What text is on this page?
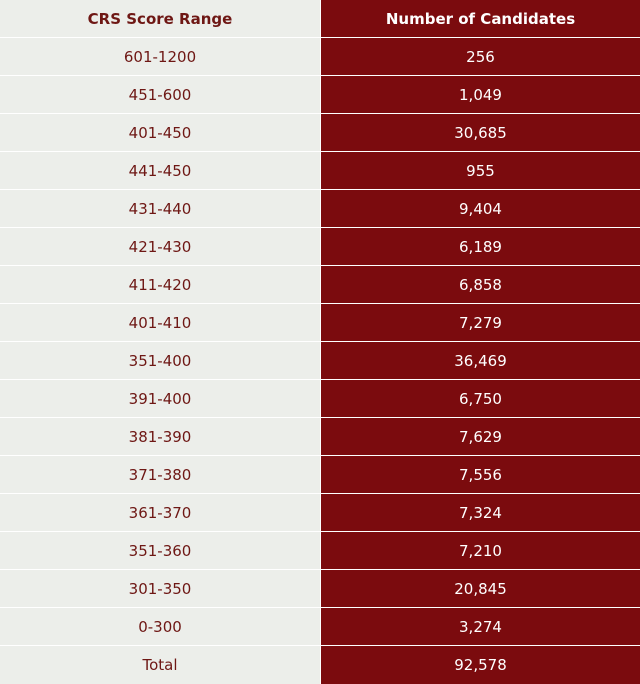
CRS Score Range	Number of Candidates
601-1200	256
451-600	1,049
401-450	30,685
441-450	955
431-440	9,404
421-430	6,189
411-420	6,858
401-410	7,279
351-400	36,469
391-400	6,750
381-390	7,629
371-380	7,556
361-370	7,324
351-360	7,210
301-350	20,845
0-300	3,274
Total	92,578
